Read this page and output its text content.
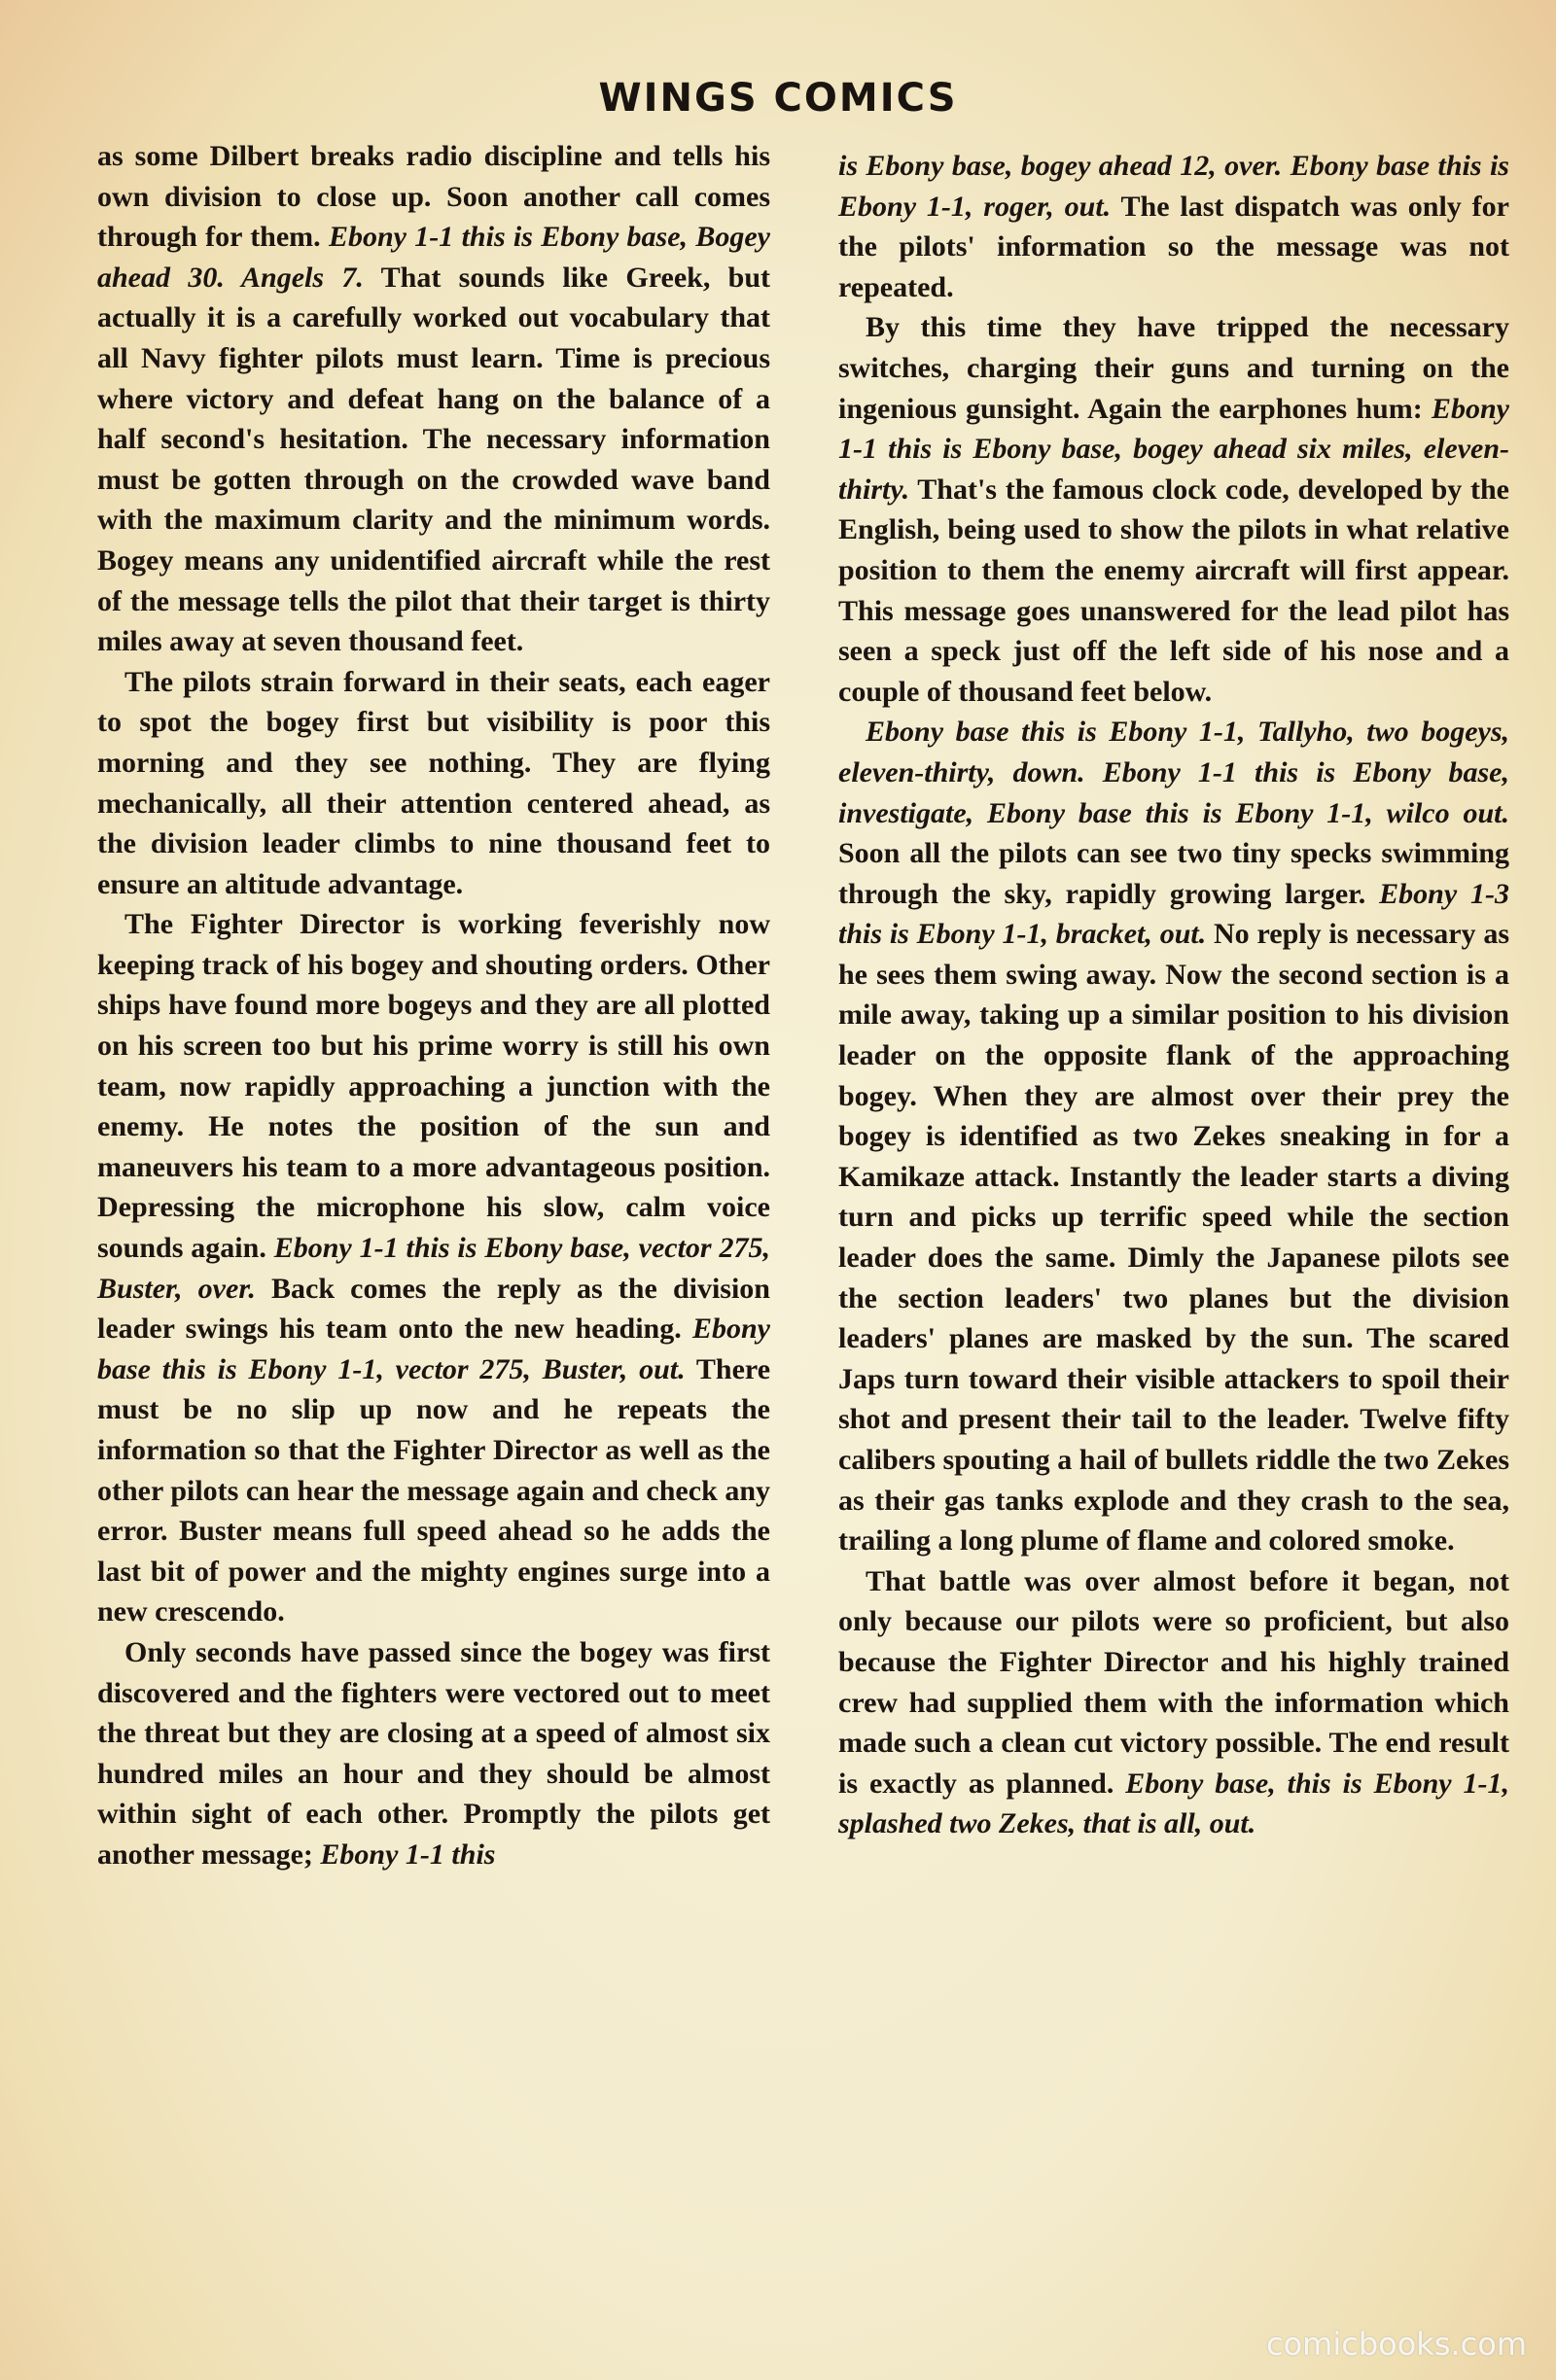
WINGS COMICS

as some Dilbert breaks radio discipline and tells his own division to close up. Soon another call comes through for them. Ebony 1-1 this is Ebony base, Bogey ahead 30. Angels 7. That sounds like Greek, but actually it is a carefully worked out vocabulary that all Navy fighter pilots must learn. Time is precious where victory and defeat hang on the balance of a half second's hesitation. The necessary information must be gotten through on the crowded wave band with the maximum clarity and the minimum words. Bogey means any unidentified aircraft while the rest of the message tells the pilot that their target is thirty miles away at seven thousand feet.

The pilots strain forward in their seats, each eager to spot the bogey first but visibility is poor this morning and they see nothing. They are flying mechanically, all their attention centered ahead, as the division leader climbs to nine thousand feet to ensure an altitude advantage.

The Fighter Director is working feverishly now keeping track of his bogey and shouting orders. Other ships have found more bogeys and they are all plotted on his screen too but his prime worry is still his own team, now rapidly approaching a junction with the enemy. He notes the position of the sun and maneuvers his team to a more advantageous position. Depressing the microphone his slow, calm voice sounds again. Ebony 1-1 this is Ebony base, vector 275, Buster, over. Back comes the reply as the division leader swings his team onto the new heading. Ebony base this is Ebony 1-1, vector 275, Buster, out. There must be no slip up now and he repeats the information so that the Fighter Director as well as the other pilots can hear the message again and check any error. Buster means full speed ahead so he adds the last bit of power and the mighty engines surge into a new crescendo.

Only seconds have passed since the bogey was first discovered and the fighters were vectored out to meet the threat but they are closing at a speed of almost six hundred miles an hour and they should be almost within sight of each other. Promptly the pilots get another message; Ebony 1-1 this

is Ebony base, bogey ahead 12, over. Ebony base this is Ebony 1-1, roger, out. The last dispatch was only for the pilots' information so the message was not repeated.

By this time they have tripped the necessary switches, charging their guns and turning on the ingenious gunsight. Again the earphones hum: Ebony 1-1 this is Ebony base, bogey ahead six miles, eleven-thirty. That's the famous clock code, developed by the English, being used to show the pilots in what relative position to them the enemy aircraft will first appear. This message goes unanswered for the lead pilot has seen a speck just off the left side of his nose and a couple of thousand feet below.

Ebony base this is Ebony 1-1, Tallyho, two bogeys, eleven-thirty, down. Ebony 1-1 this is Ebony base, investigate, Ebony base this is Ebony 1-1, wilco out. Soon all the pilots can see two tiny specks swimming through the sky, rapidly growing larger. Ebony 1-3 this is Ebony 1-1, bracket, out. No reply is necessary as he sees them swing away. Now the second section is a mile away, taking up a similar position to his division leader on the opposite flank of the approaching bogey. When they are almost over their prey the bogey is identified as two Zekes sneaking in for a Kamikaze attack. Instantly the leader starts a diving turn and picks up terrific speed while the section leader does the same. Dimly the Japanese pilots see the section leaders' two planes but the division leaders' planes are masked by the sun. The scared Japs turn toward their visible attackers to spoil their shot and present their tail to the leader. Twelve fifty calibers spouting a hail of bullets riddle the two Zekes as their gas tanks explode and they crash to the sea, trailing a long plume of flame and colored smoke.

That battle was over almost before it began, not only because our pilots were so proficient, but also because the Fighter Director and his highly trained crew had supplied them with the information which made such a clean cut victory possible. The end result is exactly as planned. Ebony base, this is Ebony 1-1, splashed two Zekes, that is all, out.

comicbooks.com
